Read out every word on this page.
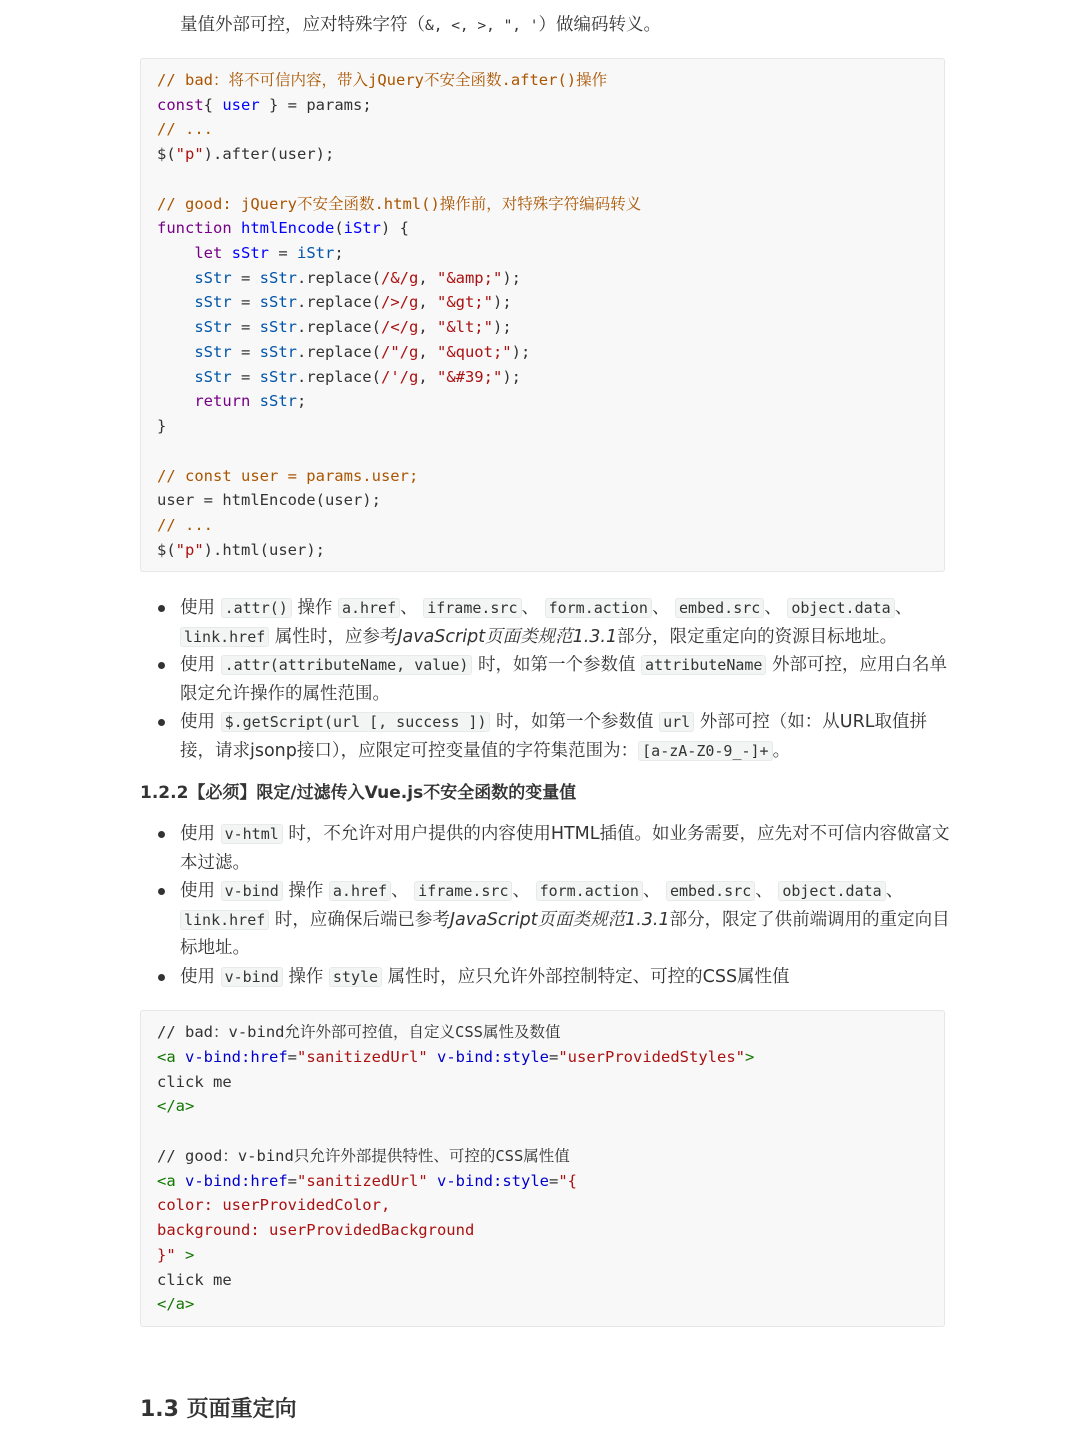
量值外部可控，应对特殊字符（&, <, >, ", '）做编码转义。
// bad：将不可信内容，带入jQuery不安全函数.after()操作
const{ user } = params;
// ...
$("p").after(user);
// good: jQuery不安全函数.html()操作前，对特殊字符编码转义
function htmlEncode(iStr) {
let sStr = iStr;
sStr = sStr.replace(/&/g, "&amp;");
sStr = sStr.replace(/>/g, "&gt;");
sStr = sStr.replace(/</g, "&lt;");
sStr = sStr.replace(/"/g, "&quot;");
sStr = sStr.replace(/'/g, "&#39;");
return sStr;
}
// const user = params.user;
user = htmlEncode(user);
// ...
$("p").html(user);
使用 .attr() 操作 a.href 、 iframe.src 、 form.action 、 embed.src 、 object.data 、 link.href 属性时，应参考JavaScript页面类规范1.3.1部分，限定重定向的资源目标地址。
使用 .attr(attributeName, value) 时，如第一个参数值 attributeName 外部可控，应用白名单限定允许操作的属性范围。
使用 $.getScript(url [, success ]) 时，如第一个参数值 url 外部可控（如：从URL取值拼接，请求jsonp接口），应限定可控变量值的字符集范围为： [a-zA-Z0-9_-]+ 。
1.2.2【必须】限定/过滤传入Vue.js不安全函数的变量值
使用 v-html 时，不允许对用户提供的内容使用HTML插值。如业务需要，应先对不可信内容做富文本过滤。
使用 v-bind 操作 a.href 、 iframe.src 、 form.action 、 embed.src 、 object.data 、 link.href 时，应确保后端已参考JavaScript页面类规范1.3.1部分，限定了供前端调用的重定向目标地址。
使用 v-bind 操作 style 属性时，应只允许外部控制特定、可控的CSS属性值
// bad：v-bind允许外部可控值，自定义CSS属性及数值
<a v-bind:href="sanitizedUrl" v-bind:style="userProvidedStyles">
click me
</a>
// good：v-bind只允许外部提供特性、可控的CSS属性值
<a v-bind:href="sanitizedUrl" v-bind:style="{
color: userProvidedColor,
background: userProvidedBackground
}" >
click me
</a>
1.3 页面重定向
